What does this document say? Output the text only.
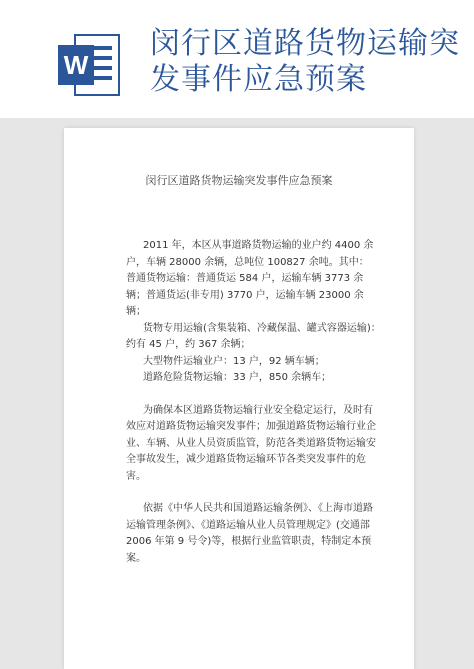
W
闵行区道路货物运输突发事件应急预案
闵行区道路货物运输突发事件应急预案

2011 年，本区从事道路货物运输的业户约 4400 余户，车辆 28000 余辆，总吨位 100827 余吨。其中：

普通货物运输：普通货运 584 户，运输车辆 3773 余辆；普通货运(非专用) 3770 户，运输车辆 23000 余辆；

货物专用运输(含集装箱、冷藏保温、罐式容器运输)：约有 45 户，约 367 余辆；

大型物件运输业户：13 户，92 辆车辆；

道路危险货物运输：33 户，850 余辆车；

为确保本区道路货物运输行业安全稳定运行，及时有效应对道路货物运输突发事件；加强道路货物运输行业企业、车辆、从业人员资质监管，防范各类道路货物运输安全事故发生，减少道路货物运输环节各类突发事件的危害。

依据《中华人民共和国道路运输条例》、《上海市道路运输管理条例》、《道路运输从业人员管理规定》(交通部 2006 年第 9 号令)等，根据行业监管职责，特制定本预案。
